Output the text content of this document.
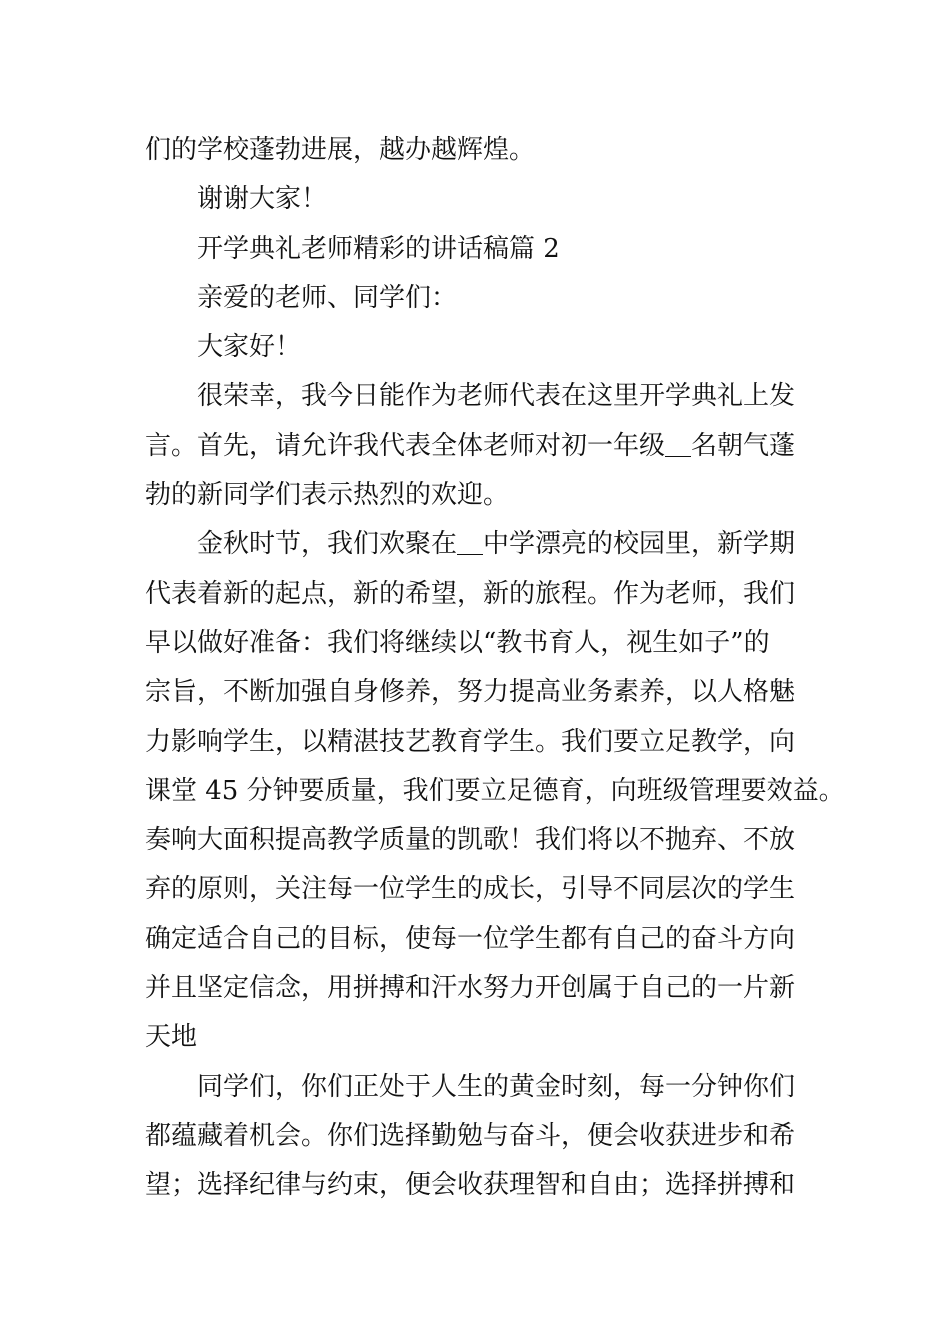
们的学校蓬勃进展，越办越辉煌。

谢谢大家！

开学典礼老师精彩的讲话稿篇 2

亲爱的老师、同学们：

大家好！

很荣幸，我今日能作为老师代表在这里开学典礼上发
言。首先，请允许我代表全体老师对初一年级＿名朝气蓬
勃的新同学们表示热烈的欢迎。

金秋时节，我们欢聚在＿中学漂亮的校园里，新学期
代表着新的起点，新的希望，新的旅程。作为老师，我们
早以做好准备：我们将继续以“教书育人，视生如子”的
宗旨，不断加强自身修养，努力提高业务素养，以人格魅
力影响学生，以精湛技艺教育学生。我们要立足教学，向
课堂 45 分钟要质量，我们要立足德育，向班级管理要效益。
奏响大面积提高教学质量的凯歌！我们将以不抛弃、不放
弃的原则，关注每一位学生的成长，引导不同层次的学生
确定适合自己的目标，使每一位学生都有自己的奋斗方向
并且坚定信念，用拼搏和汗水努力开创属于自己的一片新
天地

同学们，你们正处于人生的黄金时刻，每一分钟你们
都蕴藏着机会。你们选择勤勉与奋斗，便会收获进步和希
望；选择纪律与约束，便会收获理智和自由；选择拼搏和
